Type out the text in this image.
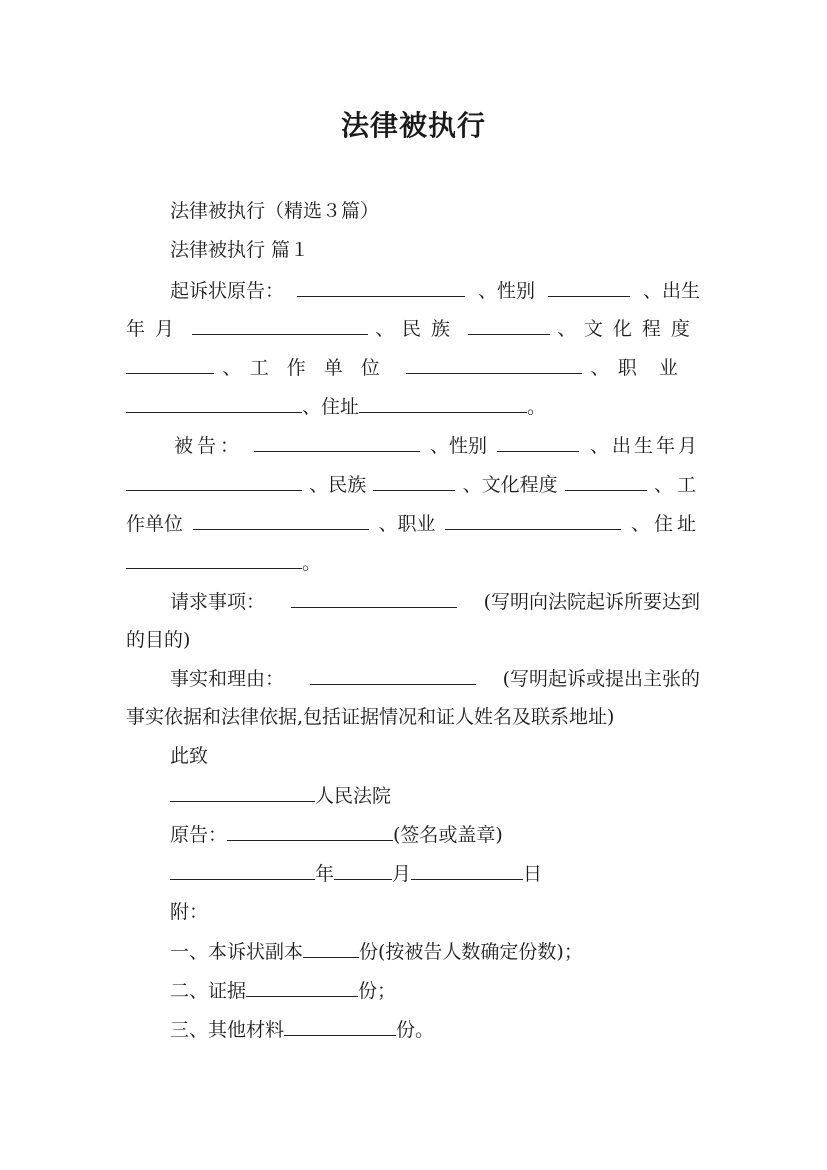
法律被执行

法律被执行（精选３篇）

法律被执行 篇１

起诉状原告：	、性别	、出生
年月	、 民族	、 文化程度
、 工作单位	、 职业
、住址	。
被告：	、性别	、出生年月
、民族	、文化程度	、工
作单位	、职业	、住址
。
请求事项：	(写明向法院起诉所要达到

的目的)

事实和理由：	(写明起诉或提出主张的

事实依据和法律依据,包括证据情况和证人姓名及联系地址)

此致

人民法院
原告：	(签名或盖章)
年	月	日

附：

一、本诉状副本	份(按被告人数确定份数)；
二、证据	份；
三、其他材料	份。
